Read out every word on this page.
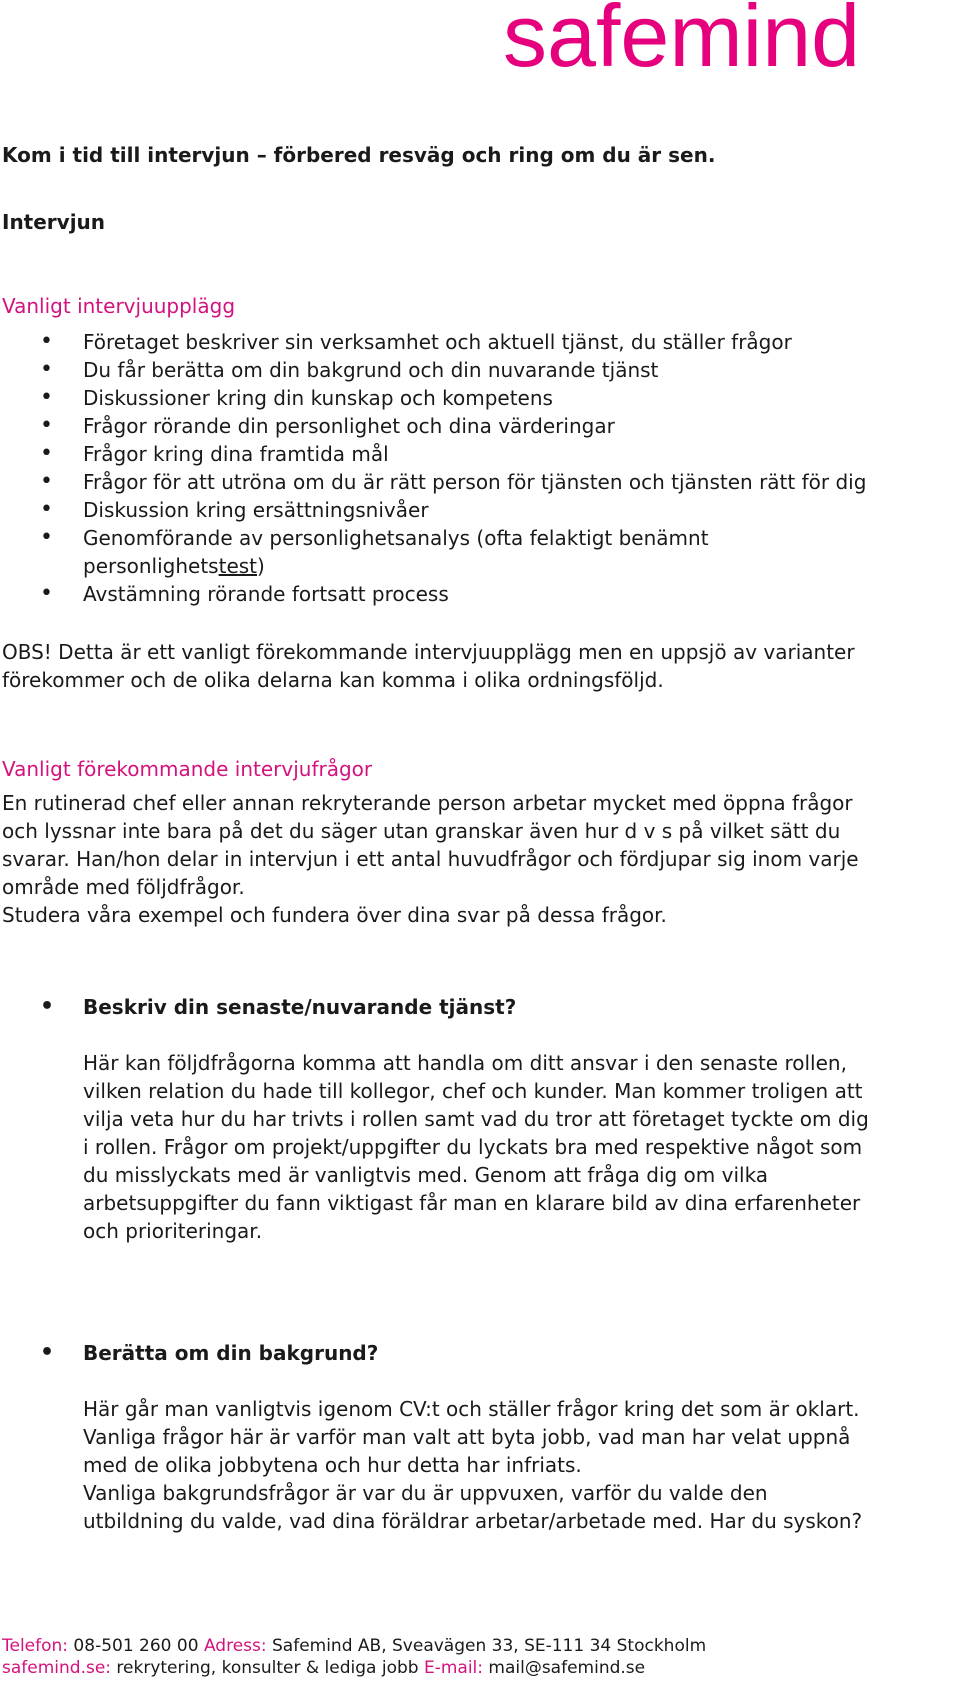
safemind
Kom i tid till intervjun – förbered resväg och ring om du är sen.
Intervjun
Vanligt intervjuupplägg
• Företaget beskriver sin verksamhet och aktuell tjänst, du ställer frågor
• Du får berätta om din bakgrund och din nuvarande tjänst
• Diskussioner kring din kunskap och kompetens
• Frågor rörande din personlighet och dina värderingar
• Frågor kring dina framtida mål
• Frågor för att utröna om du är rätt person för tjänsten och tjänsten rätt för dig
• Diskussion kring ersättningsnivåer
• Genomförande av personlighetsanalys (ofta felaktigt benämnt
personlighetstest)
• Avstämning rörande fortsatt process
OBS! Detta är ett vanligt förekommande intervjuupplägg men en uppsjö av varianter
förekommer och de olika delarna kan komma i olika ordningsföljd.
Vanligt förekommande intervjufrågor
En rutinerad chef eller annan rekryterande person arbetar mycket med öppna frågor
och lyssnar inte bara på det du säger utan granskar även hur d v s på vilket sätt du
svarar. Han/hon delar in intervjun i ett antal huvudfrågor och fördjupar sig inom varje
område med följdfrågor.
Studera våra exempel och fundera över dina svar på dessa frågor.
• Beskriv din senaste/nuvarande tjänst?
Här kan följdfrågorna komma att handla om ditt ansvar i den senaste rollen,
vilken relation du hade till kollegor, chef och kunder. Man kommer troligen att
vilja veta hur du har trivts i rollen samt vad du tror att företaget tyckte om dig
i rollen. Frågor om projekt/uppgifter du lyckats bra med respektive något som
du misslyckats med är vanligtvis med. Genom att fråga dig om vilka
arbetsuppgifter du fann viktigast får man en klarare bild av dina erfarenheter
och prioriteringar.
• Berätta om din bakgrund?
Här går man vanligtvis igenom CV:t och ställer frågor kring det som är oklart.
Vanliga frågor här är varför man valt att byta jobb, vad man har velat uppnå
med de olika jobbytena och hur detta har infriats.
Vanliga bakgrundsfrågor är var du är uppvuxen, varför du valde den
utbildning du valde, vad dina föräldrar arbetar/arbetade med. Har du syskon?
Telefon: 08-501 260 00 Adress: Safemind AB, Sveavägen 33, SE-111 34 Stockholm
safemind.se: rekrytering, konsulter & lediga jobb E-mail: mail@safemind.se
